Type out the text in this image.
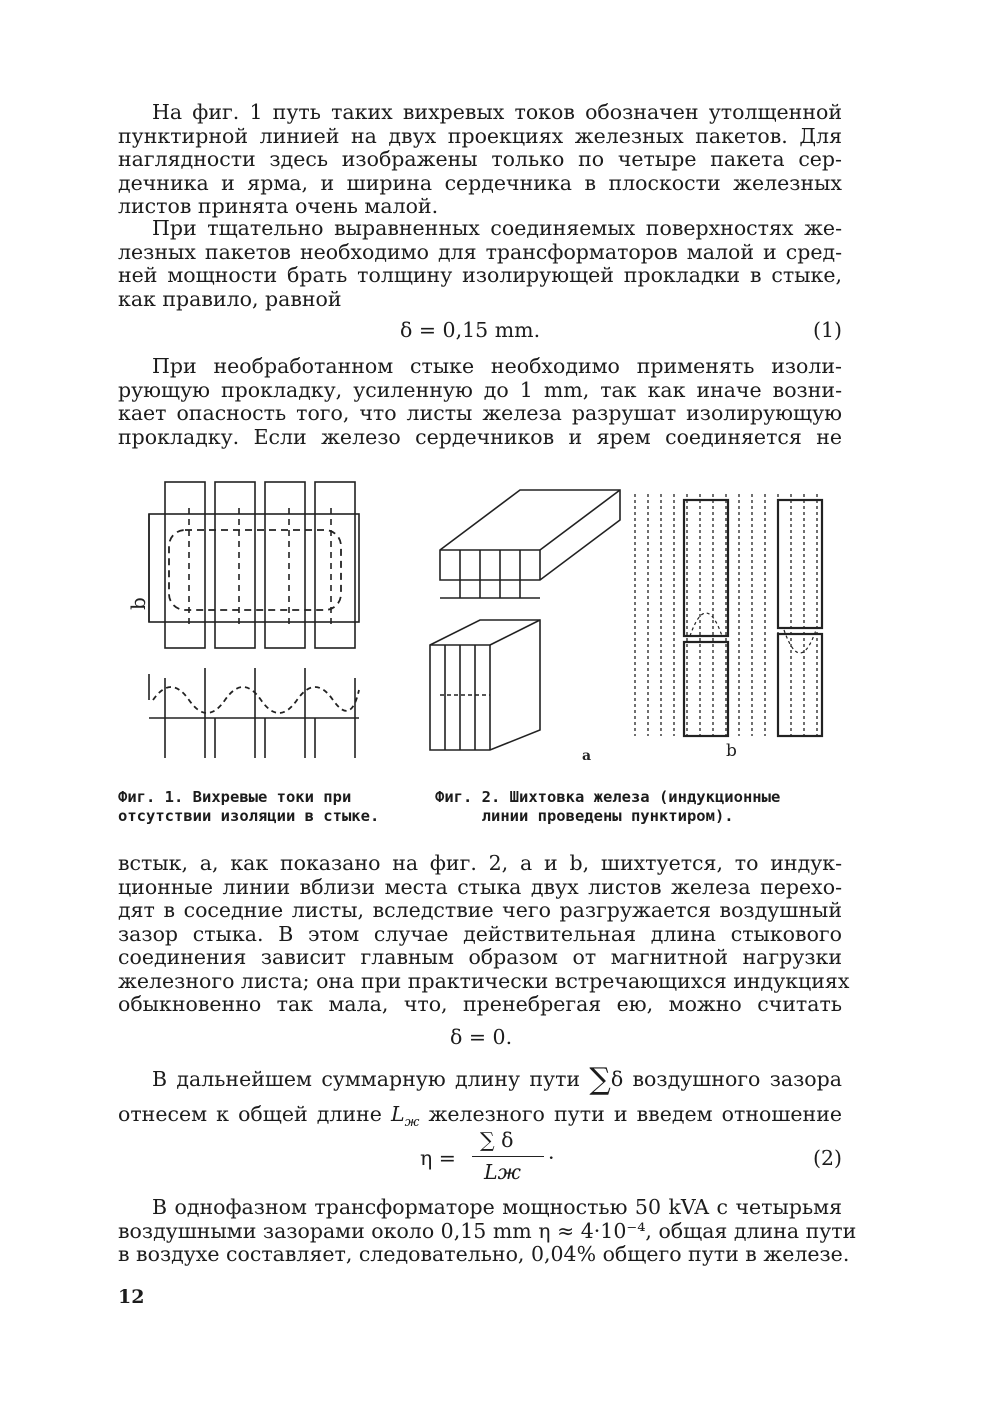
На фиг. 1 путь таких вихревых токов обозначен утолщенной
пунктирной линией на двух проекциях железных пакетов. Для
наглядности здесь изображены только по четыре пакета сер-
дечника и ярма, и ширина сердечника в плоскости железных
листов принята очень малой.
При тщательно выравненных соединяемых поверхностях же-
лезных пакетов необходимо для трансформаторов малой и сред-
ней мощности брать толщину изолирующей прокладки в стыке,
как правило, равной
δ = 0,15 mm.	(1)
При необработанном стыке необходимо применять изоли-
рующую прокладку, усиленную до 1 mm, так как иначе возни-
кает опасность того, что листы железа разрушат изолирующую
прокладку. Если железо сердечников и ярем соединяется не
b
a	b
Фиг. 1. Вихревые токи при
отсутствии изоляции в стыке.
Фиг. 2. Шихтовка железа (индукционные
линии проведены пунктиром).
встык, а, как показано на фиг. 2, a и b, шихтуется, то индук-
ционные линии вблизи места стыка двух листов железа перехо-
дят в соседние листы, вследствие чего разгружается воздушный
зазор стыка. В этом случае действительная длина стыкового
соединения зависит главным образом от магнитной нагрузки
железного листа; она при практически встречающихся индукциях
обыкновенно так мала, что, пренебрегая ею, можно считать
δ = 0.
В дальнейшем суммарную длину пути ∑δ воздушного зазора
отнесем к общей длине $L_ж$ железного пути и введем отношение
η =
∑ δ
Lж
·	(2)
В однофазном трансформаторе мощностью 50 kVA с четырьмя
воздушными зазорами около 0,15 mm η ≈ 4·10⁻⁴, общая длина пути
в воздухе составляет, следовательно, 0,04% общего пути в железе.
12
